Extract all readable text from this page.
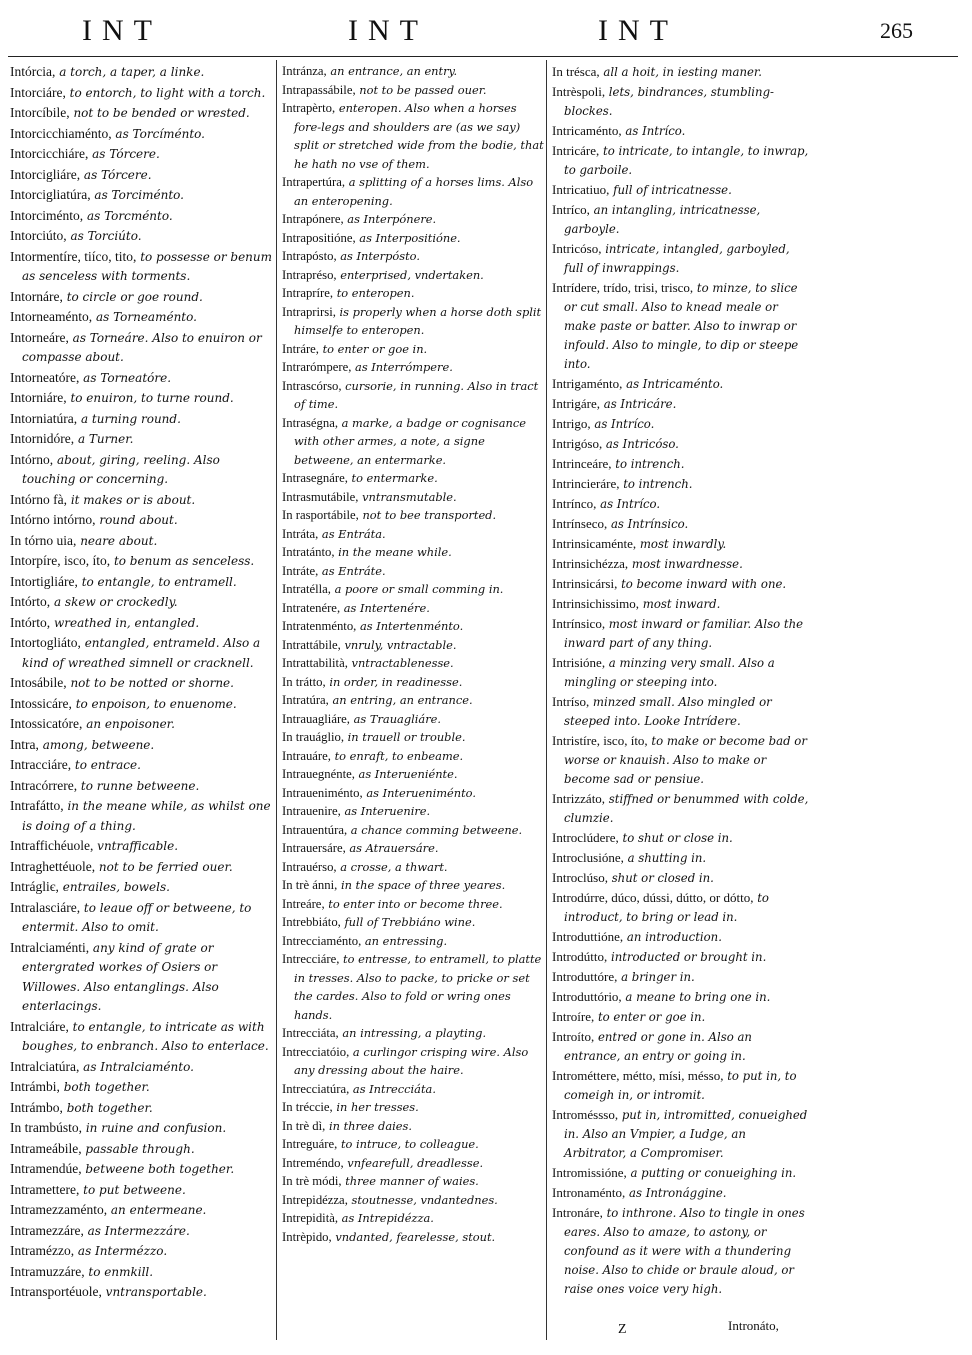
INT	INT	INT	265
Intórcia, a torch, a taper, a linke.
Intorciáre, to entorch, to light with a torch.
Intorcíbile, not to be bended or wrested.
Intorcicchiaménto, as Torcíménto.
Intorcicchiáre, as Tórcere.
Intorcigliáre, as Tórcere.
Intorcigliatúra, as Torciménto.
Intorciménto, as Torcménto.
Intorciúto, as Torciúto.
Intormentíre, tiíco, tito, to possesse or benum as senceless with torments.
Intornáre, to circle or goe round.
Intorneaménto, as Torneaménto.
Intorneáre, as Torneáre. Also to enuiron or compasse about.
Intorneatóre, as Torneatóre.
Intorniáre, to enuiron, to turne round.
Intorniatúra, a turning round.
Intornidóre, a Turner.
Intórno, about, giring, reeling. Also touching or concerning.
Intórno fà, it makes or is about.
Intórno intórno, round about.
In tórno uia, neare about.
Intorpíre, isco, íto, to benum as senceless.
Intortigliáre, to entangle, to entramell.
Intórto, a skew or crockedly.
Intórto, wreathed in, entangled.
Intortogliáto, entangled, entrameld. Also a kind of wreathed simnell or cracknell.
Intosábile, not to be notted or shorne.
Intossicáre, to enpoison, to enuenome.
Intossicatóre, an enpoisoner.
Intra, among, betweene.
Intracciáre, to entrace.
Intracórrere, to runne betweene.
Intrafátto, in the meane while, as whilst one is doing of a thing.
Intraffichéuole, vntrafficable.
Intraghettéuole, not to be ferried ouer.
Intrágliє, entrailes, bowels.
Intralasciáre, to leaue off or betweene, to entermit. Also to omit.
Intralciaménti, any kind of grate or entergrated workes of Osiers or Willowes. Also entanglings. Also enterlacings.
Intralciáre, to entangle, to intricate as with boughes, to enbranch. Also to enterlace.
Intralciatúra, as Intralciaménto.
Intrámbi, both together.
Intrámbo, both together.
In trambústo, in ruine and confusion.
Intrameábile, passable through.
Intramendúe, betweene both together.
Intramettere, to put betweene.
Intramezzaménto, an entermeane.
Intramezzáre, as Intermezzáre.
Intramézzo, as Intermézzo.
Intramuzzáre, to enmkill.
Intransportéuole, vntransportable.
Intránza, an entrance, an entry.
Intrapassábile, not to be passed ouer.
Intrapèrto, enteropen. Also when a horses fore-legs and shoulders are (as we say) split or stretched wide from the bodie, that he hath no vse of them.
Intrapertúra, a splitting of a horses lims. Also an enteropening.
Intrapónere, as Interpónere.
Intrapositióne, as Interpositióne.
Intrapósto, as Interpósto.
Intrapréso, enterprised, vndertaken.
Intrapríre, to enteropen.
Intraprirsi, is properly when a horse doth split himselfe to enteropen.
Intráre, to enter or goe in.
Intrarómpere, as Interrómpere.
Intrascórso, cursorie, in running. Also in tract of time.
Intraségna, a marke, a badge or cognisance with other armes, a note, a signe betweene, an entermarke.
Intrasegnáre, to entermarke.
Intrasmutábile, vntransmutable.
In rasportábile, not to bee transported.
Intráta, as Entráta.
Intratánto, in the meane while.
Intráte, as Entráte.
Intratélla, a poore or small comming in.
Intratenére, as Intertenére.
Intratenménto, as Intertenménto.
Intrattábile, vnruly, vntractable.
Intrattabilità, vntractablenesse.
In trátto, in order, in readinesse.
Intratúra, an entring, an entrance.
Intrauagliáre, as Trauagliáre.
In trauáglio, in trauell or trouble.
Intrauáre, to enraft, to enbeame.
Intrauegnénte, as Interueniénte.
Intraueniménto, as Interueniménto.
Intrauenire, as Interuenire.
Intrauentúra, a chance comming betweene.
Intrauersáre, as Atrauersáre.
Intrauérso, a crosse, a thwart.
In trè ánni, in the space of three yeares.
Intreáre, to enter into or become three.
Intrebbiáto, full of Trebbiáno wine.
Intrecciaménto, an entressing.
Intrecciáre, to entresse, to entramell, to platte in tresses. Also to packe, to pricke or set the cardes. Also to fold or wring ones hands.
Intrecciáta, an intressing, a playting.
Intrecciatóio, a curlingor crisping wire. Also any dressing about the haire.
Intrecciatúra, as Intrecciáta.
In tréccie, in her tresses.
In trè dì, in three daies.
Intreguáre, to intruce, to colleague.
Intreméndo, vnfearefull, dreadlesse.
In trè módi, three manner of waies.
Intrepidézza, stoutnesse, vndantednes.
Intrepidità, as Intrepidézza.
Intrèpido, vndanted, fearelesse, stout.
In trésca, all a hoit, in iesting maner.
Intrèspoli, lets, bindrances, stumbling-blockes.
Intricaménto, as Intríco.
Intricáre, to intricate, to intangle, to inwrap, to garboile.
Intricatiuo, full of intricatnesse.
Intríco, an intangling, intricatnesse, garboyle.
Intricóso, intricate, intangled, garboyled, full of inwrappings.
Intrídere, trído, trisi, trisco, to minze, to slice or cut small. Also to knead meale or make paste or batter. Also to inwrap or infould. Also to mingle, to dip or steepe into.
Intrigaménto, as Intricaménto.
Intrigáre, as Intricáre.
Intrigo, as Intríco.
Intrigóso, as Intricóso.
Intrinceáre, to intrench.
Intrincieráre, to intrench.
Intrínco, as Intríco.
Intrínseco, as Intrínsico.
Intrinsicaménte, most inwardly.
Intrinsichézza, most inwardnesse.
Intrinsicársi, to become inward with one.
Intrinsichissimo, most inward.
Intrínsico, most inward or familiar. Also the inward part of any thing.
Intrisióne, a minzing very small. Also a mingling or steeping into.
Intríso, minzed small. Also mingled or steeped into. Looke Intrídere.
Intristíre, isco, íto, to make or become bad or worse or knauish. Also to make or become sad or pensiue.
Intrizzáto, stiffned or benummed with colde, clumzie.
Introclúdere, to shut or close in.
Introclusióne, a shutting in.
Introclúso, shut or closed in.
Introdúrre, dúco, dússi, dútto, or dótto, to introduct, to bring or lead in.
Introduttióne, an introduction.
Introdútto, introducted or brought in.
Introduttóre, a bringer in.
Introduttório, a meane to bring one in.
Introíre, to enter or goe in.
Introíto, entred or gone in. Also an entrance, an entry or going in.
Introméttere, métto, mísi, mésso, to put in, to comeigh in, or intromit.
Introméssso, put in, intromitted, conueighed in. Also an Vmpier, a Iudge, an Arbitrator, a Compromiser.
Intromissióne, a putting or conueighing in.
Intronaménto, as Intronággine.
Intronáre, to inthrone. Also to tingle in ones eares. Also to amaze, to astony, or confound as it were with a thundering noise. Also to chide or braule aloud, or raise ones voice very high.
Z	Intronáto,
